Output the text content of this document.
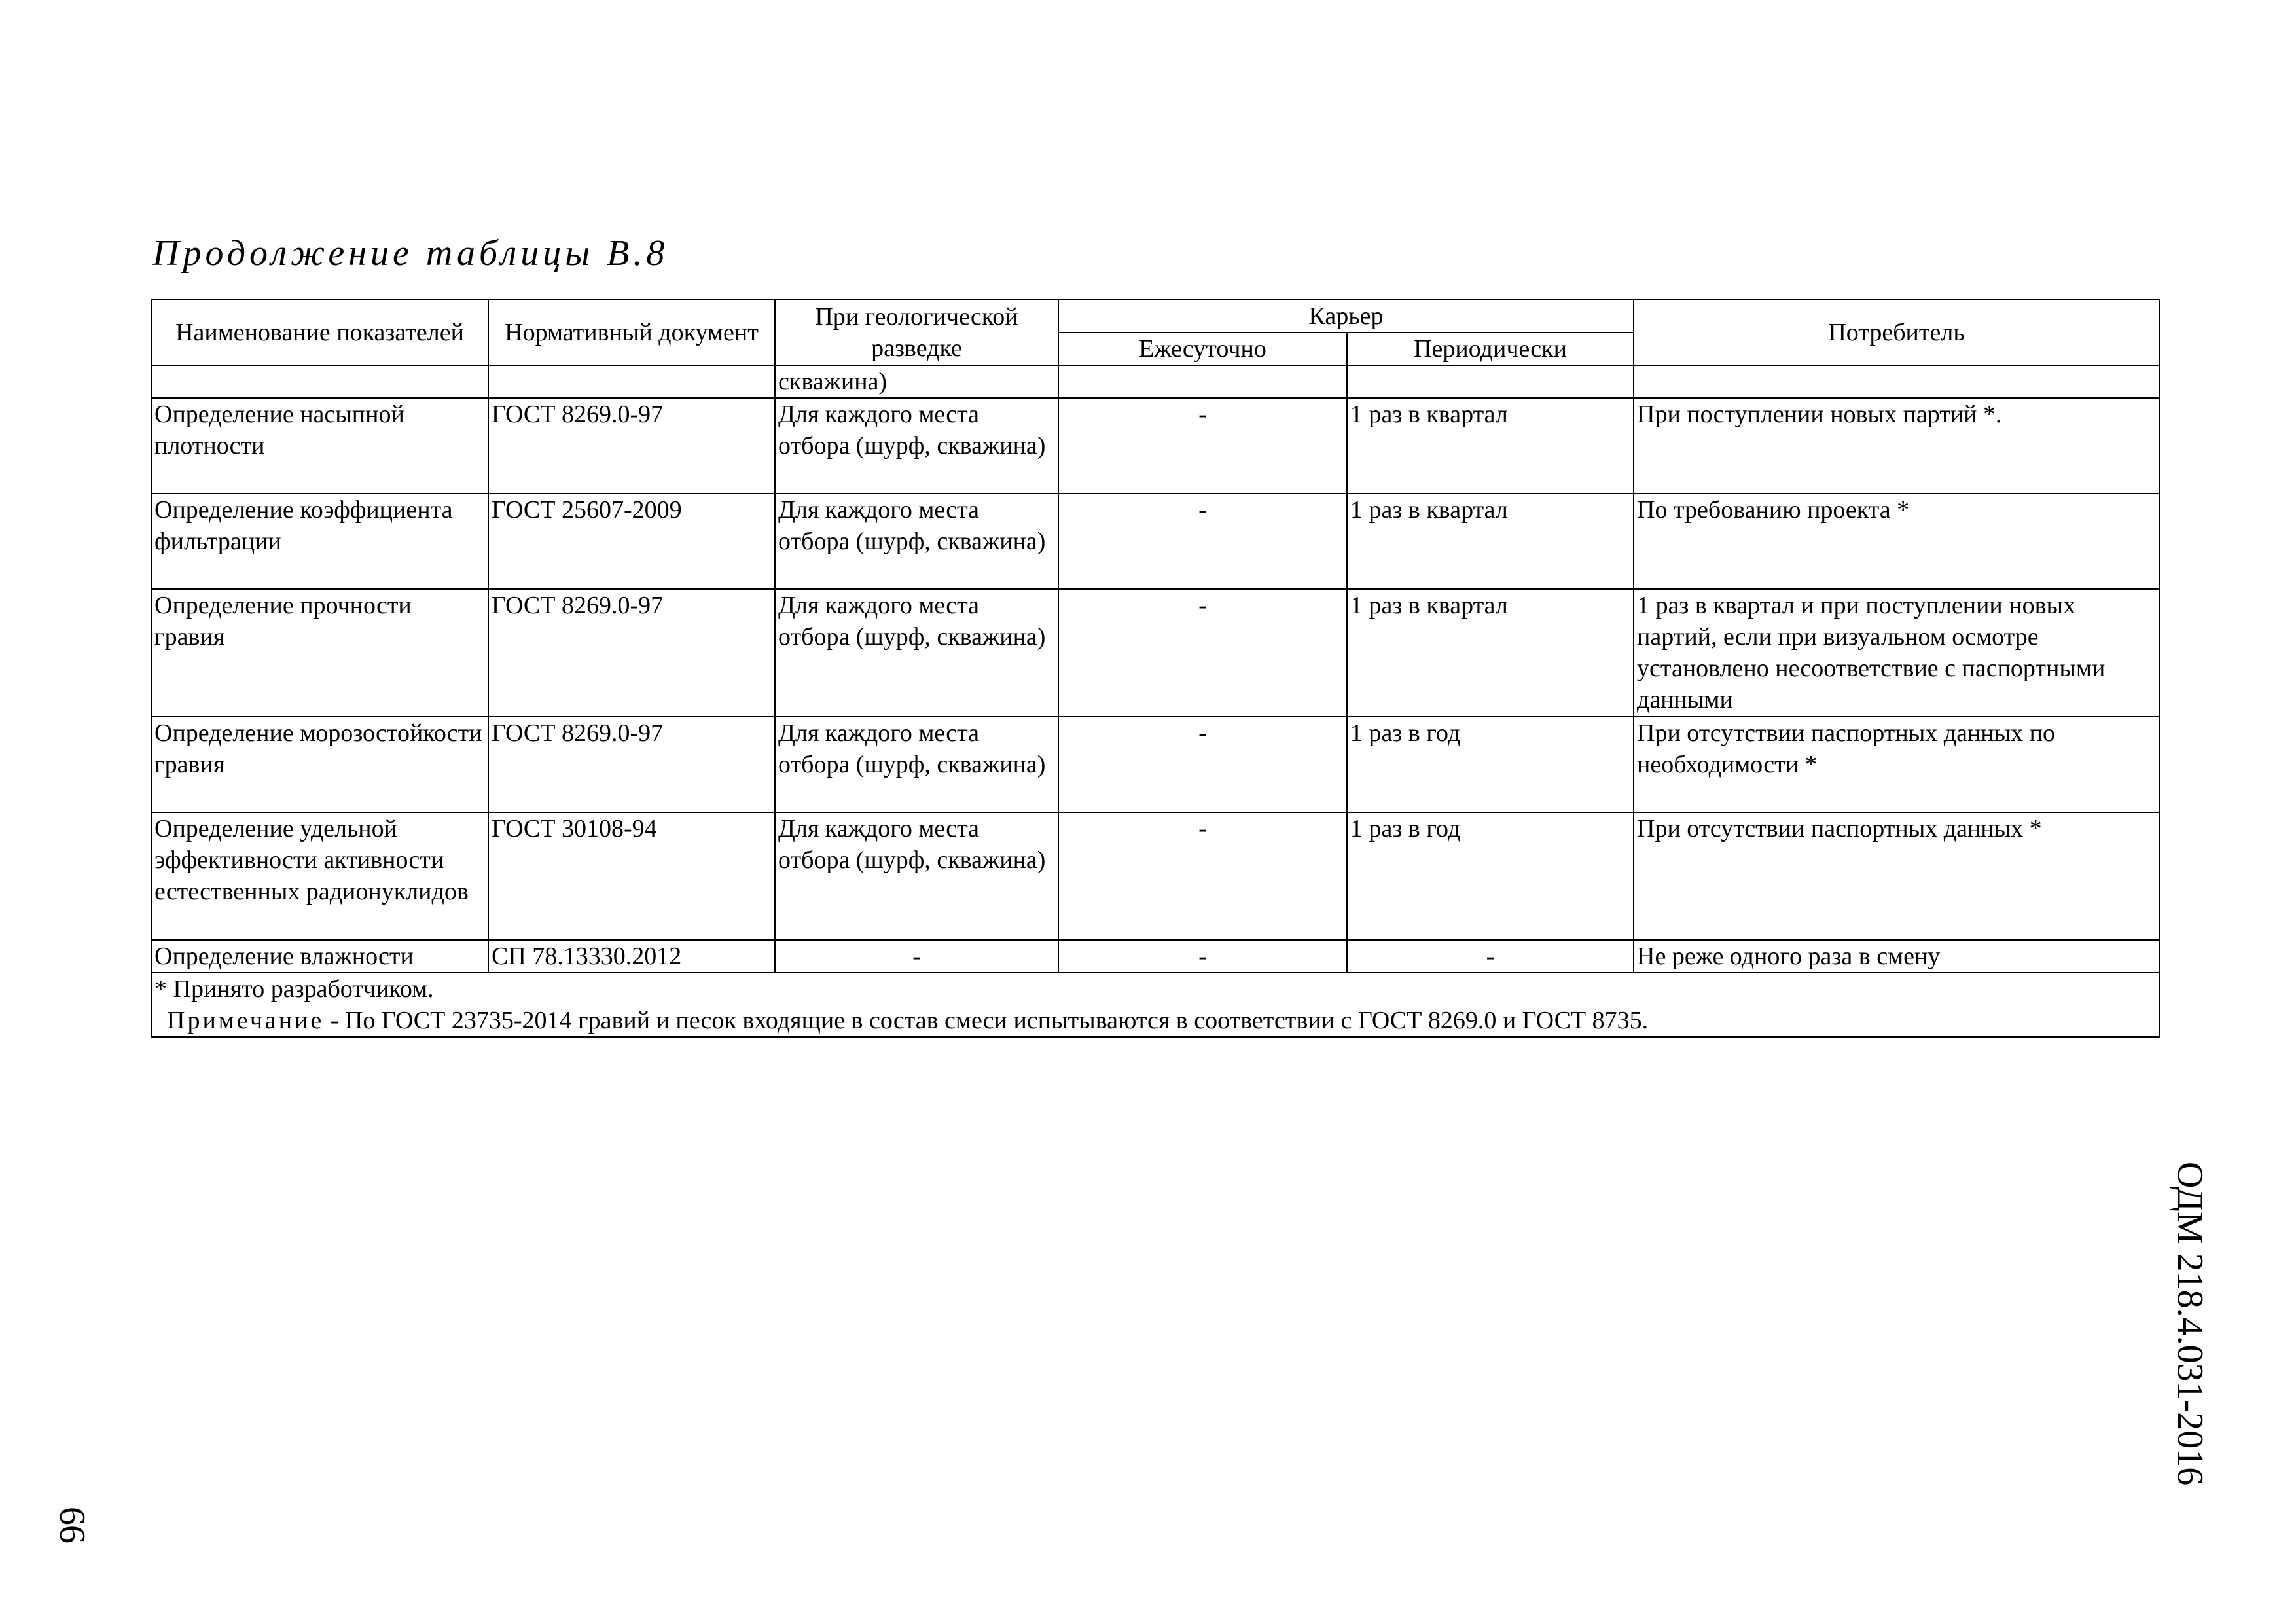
Продолжение таблицы В.8
Наименование показателей	Нормативный документ	При геологической разведке	Карьер		Потребитель
			Ежесуточно	Периодически	
		скважина)			
Определение насыпной плотности	ГОСТ 8269.0-97	Для каждого места отбора (шурф, скважина)	-	1 раз в квартал	При поступлении новых партий *.
Определение коэффициента фильтрации	ГОСТ 25607-2009	Для каждого места отбора (шурф, скважина)	-	1 раз в квартал	По требованию проекта *
Определение прочности гравия	ГОСТ 8269.0-97	Для каждого места отбора (шурф, скважина)	-	1 раз в квартал	1 раз в квартал и при поступлении новых партий, если при визуальном осмотре установлено несоответствие с паспортными данными
Определение морозостойкости гравия	ГОСТ 8269.0-97	Для каждого места отбора (шурф, скважина)	-	1 раз в год	При отсутствии паспортных данных по необходимости *
Определение удельной эффективности активности естественных радионуклидов	ГОСТ 30108-94	Для каждого места отбора (шурф, скважина)	-	1 раз в год	При отсутствии паспортных данных *
Определение влажности	СП 78.13330.2012	-	-	-	Не реже одного раза в смену

* Принято разработчиком.
Примечание - По ГОСТ 23735-2014 гравий и песок входящие в состав смеси испытываются в соответствии с ГОСТ 8269.0 и ГОСТ 8735.					
ОДМ 218.4.031-2016
66
